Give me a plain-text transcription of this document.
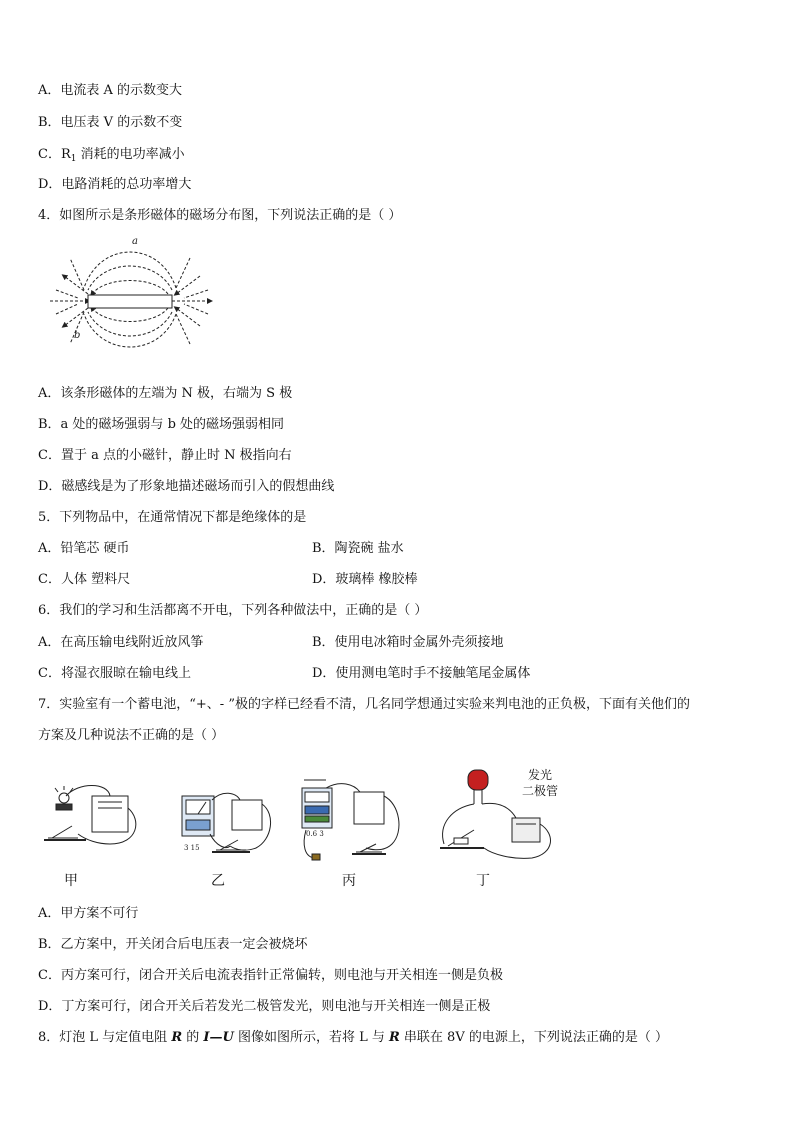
A．电流表 A 的示数变大
B．电压表 V 的示数不变
C．$R_1$ 消耗的电功率减小
D．电路消耗的总功率增大
4．如图所示是条形磁体的磁场分布图，下列说法正确的是（ ）
a
b
A．该条形磁体的左端为 N 极，右端为 S 极
B．a 处的磁场强弱与 b 处的磁场强弱相同
C．置于 a 点的小磁针，静止时 N 极指向右
D．磁感线是为了形象地描述磁场而引入的假想曲线
5．下列物品中，在通常情况下都是绝缘体的是
A．铅笔芯 硬币	B．陶瓷碗 盐水
C．人体 塑料尺	D．玻璃棒 橡胶棒
6．我们的学习和生活都离不开电，下列各种做法中，正确的是（ ）
A．在高压输电线附近放风筝	B．使用电冰箱时金属外壳须接地
C．将湿衣服晾在输电线上	D．使用测电笔时手不接触笔尾金属体
7．实验室有一个蓄电池，“+、- ”极的字样已经看不清，几名同学想通过实验来判电池的正负极，下面有关他们的
方案及几种说法不正确的是（ ）
甲
3 15
乙
0.6 3
丙
发光
二极管
丁
A．甲方案不可行
B．乙方案中，开关闭合后电压表一定会被烧坏
C．丙方案可行，闭合开关后电流表指针正常偏转，则电池与开关相连一侧是负极
D．丁方案可行，闭合开关后若发光二极管发光，则电池与开关相连一侧是正极
8．灯泡 L 与定值电阻 R 的 I—U 图像如图所示，若将 L 与 R 串联在 8V 的电源上，下列说法正确的是（ ）
